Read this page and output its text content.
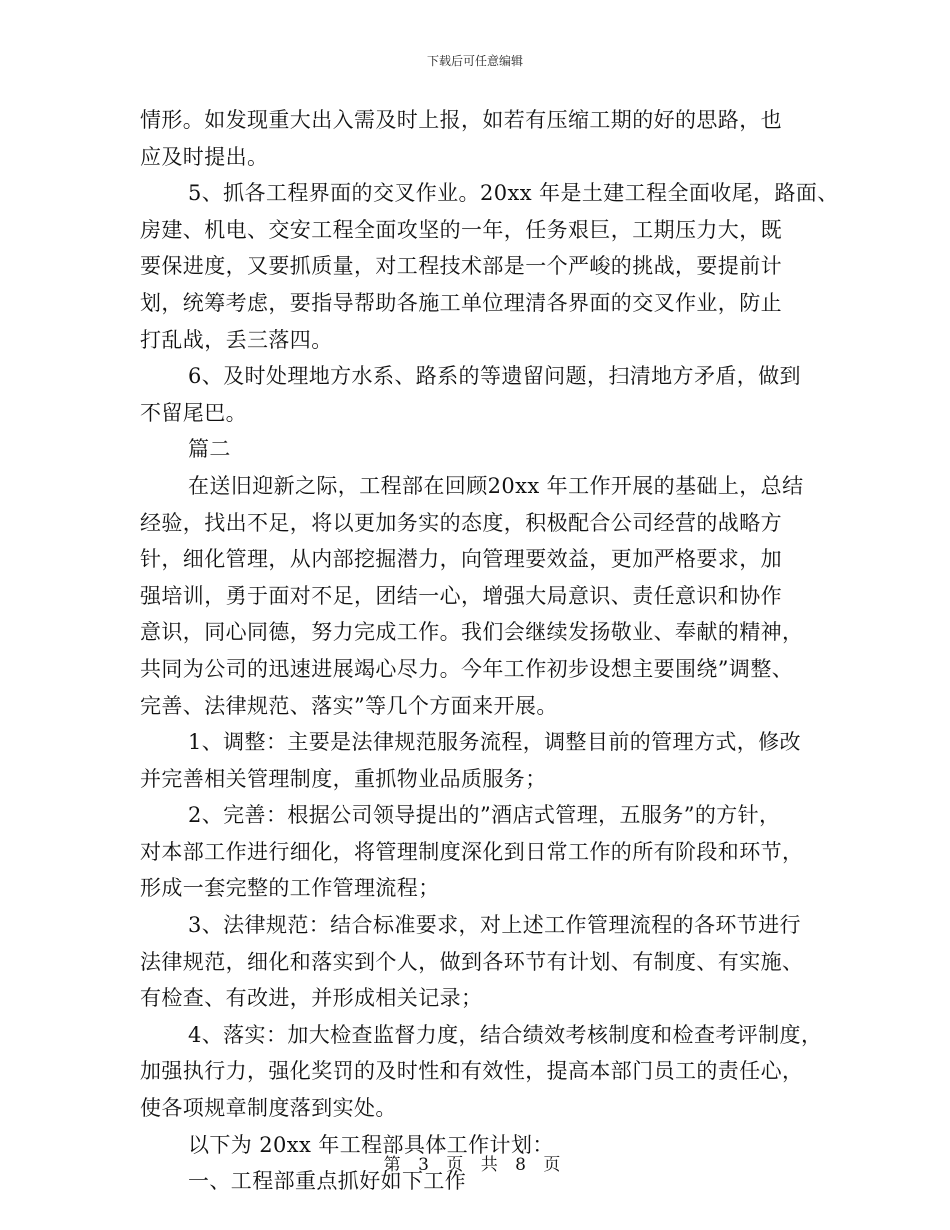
下载后可任意编辑
情形。如发现重大出入需及时上报，如若有压缩工期的好的思路，也
应及时提出。
5、抓各工程界面的交叉作业。20xx 年是土建工程全面收尾，路面、
房建、机电、交安工程全面攻坚的一年，任务艰巨，工期压力大，既
要保进度，又要抓质量，对工程技术部是一个严峻的挑战，要提前计
划，统筹考虑，要指导帮助各施工单位理清各界面的交叉作业，防止
打乱战，丢三落四。
6、及时处理地方水系、路系的等遗留问题，扫清地方矛盾，做到
不留尾巴。
篇二
在送旧迎新之际，工程部在回顾20xx 年工作开展的基础上，总结
经验，找出不足，将以更加务实的态度，积极配合公司经营的战略方
针，细化管理，从内部挖掘潜力，向管理要效益，更加严格要求，加
强培训，勇于面对不足，团结一心，增强大局意识、责任意识和协作
意识，同心同德，努力完成工作。我们会继续发扬敬业、奉献的精神，
共同为公司的迅速进展竭心尽力。今年工作初步设想主要围绕”调整、
完善、法律规范、落实”等几个方面来开展。
1、调整：主要是法律规范服务流程，调整目前的管理方式，修改
并完善相关管理制度，重抓物业品质服务；
2、完善：根据公司领导提出的”酒店式管理，五服务”的方针，
对本部工作进行细化，将管理制度深化到日常工作的所有阶段和环节，
形成一套完整的工作管理流程；
3、法律规范：结合标准要求，对上述工作管理流程的各环节进行
法律规范，细化和落实到个人，做到各环节有计划、有制度、有实施、
有检查、有改进，并形成相关记录；
4、落实：加大检查监督力度，结合绩效考核制度和检查考评制度，
加强执行力，强化奖罚的及时性和有效性，提高本部门员工的责任心，
使各项规章制度落到实处。
以下为 20xx 年工程部具体工作计划：
一、工程部重点抓好如下工作
第 3 页 共 8 页
